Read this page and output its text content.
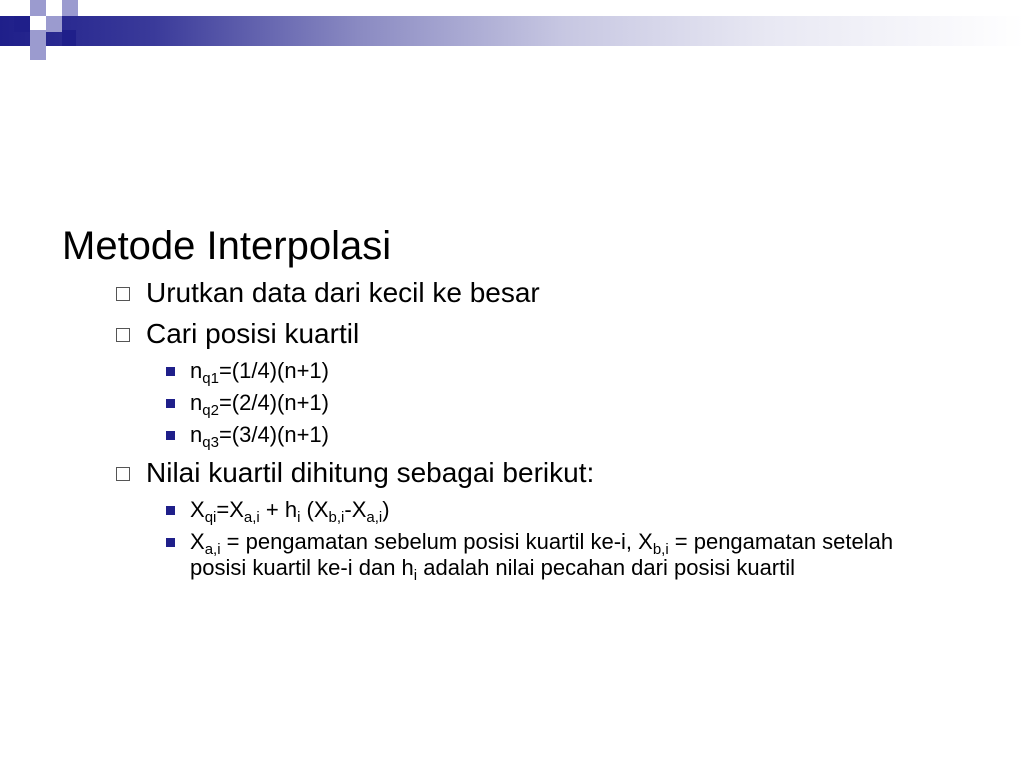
Metode Interpolasi
Urutkan data dari kecil ke besar
Cari posisi kuartil
$n_{q1}=(1/4)(n+1)$
$n_{q2}=(2/4)(n+1)$
$n_{q3}=(3/4)(n+1)$
Nilai kuartil dihitung sebagai berikut:
$X_{qi}=X_{a,i} + h_i$ $(X_{b,i}-X_{a,i})$
$X_{a,i}$ = pengamatan sebelum posisi kuartil ke-i, $X_{b,i}$ = pengamatan setelah posisi kuartil ke-i dan $h_i$ adalah nilai pecahan dari posisi kuartil
